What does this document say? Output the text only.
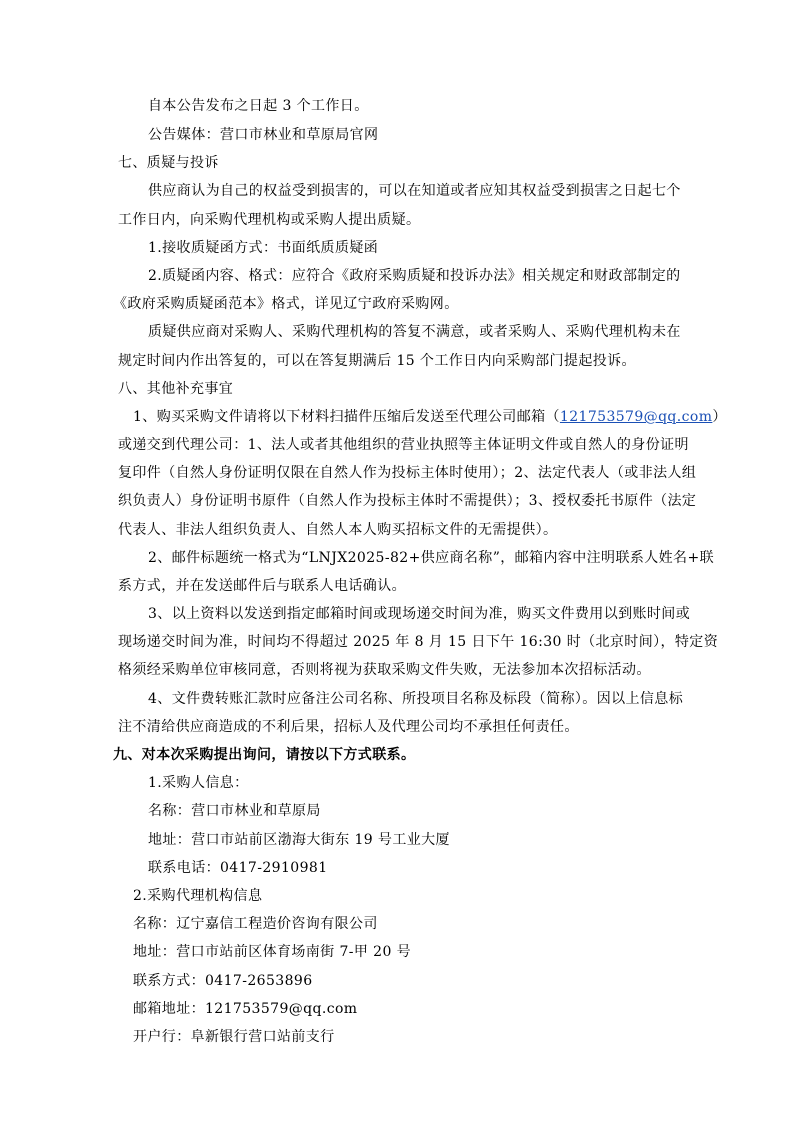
自本公告发布之日起 3 个工作日。
公告媒体：营口市林业和草原局官网
七、质疑与投诉
供应商认为自己的权益受到损害的，可以在知道或者应知其权益受到损害之日起七个
工作日内，向采购代理机构或采购人提出质疑。
1.接收质疑函方式：书面纸质质疑函
2.质疑函内容、格式：应符合《政府采购质疑和投诉办法》相关规定和财政部制定的
《政府采购质疑函范本》格式，详见辽宁政府采购网。
质疑供应商对采购人、采购代理机构的答复不满意，或者采购人、采购代理机构未在
规定时间内作出答复的，可以在答复期满后 15 个工作日内向采购部门提起投诉。
八、其他补充事宜
1、购买采购文件请将以下材料扫描件压缩后发送至代理公司邮箱（121753579@qq.com）
或递交到代理公司：1、法人或者其他组织的营业执照等主体证明文件或自然人的身份证明
复印件（自然人身份证明仅限在自然人作为投标主体时使用）；2、法定代表人（或非法人组
织负责人）身份证明书原件（自然人作为投标主体时不需提供）；3、授权委托书原件（法定
代表人、非法人组织负责人、自然人本人购买招标文件的无需提供）。
2、邮件标题统一格式为“LNJX2025-82+供应商名称”，邮箱内容中注明联系人姓名+联
系方式，并在发送邮件后与联系人电话确认。
3、以上资料以发送到指定邮箱时间或现场递交时间为准，购买文件费用以到账时间或
现场递交时间为准，时间均不得超过 2025 年 8 月 15 日下午 16:30 时（北京时间），特定资
格须经采购单位审核同意，否则将视为获取采购文件失败，无法参加本次招标活动。
4、文件费转账汇款时应备注公司名称、所投项目名称及标段（简称）。因以上信息标
注不清给供应商造成的不利后果，招标人及代理公司均不承担任何责任。
九、对本次采购提出询问，请按以下方式联系。
1.采购人信息：
名称：营口市林业和草原局
地址：营口市站前区渤海大街东 19 号工业大厦
联系电话：0417-2910981
2.采购代理机构信息
名称：辽宁嘉信工程造价咨询有限公司
地址：营口市站前区体育场南街 7-甲 20 号
联系方式：0417-2653896
邮箱地址：121753579@qq.com
开户行：阜新银行营口站前支行
